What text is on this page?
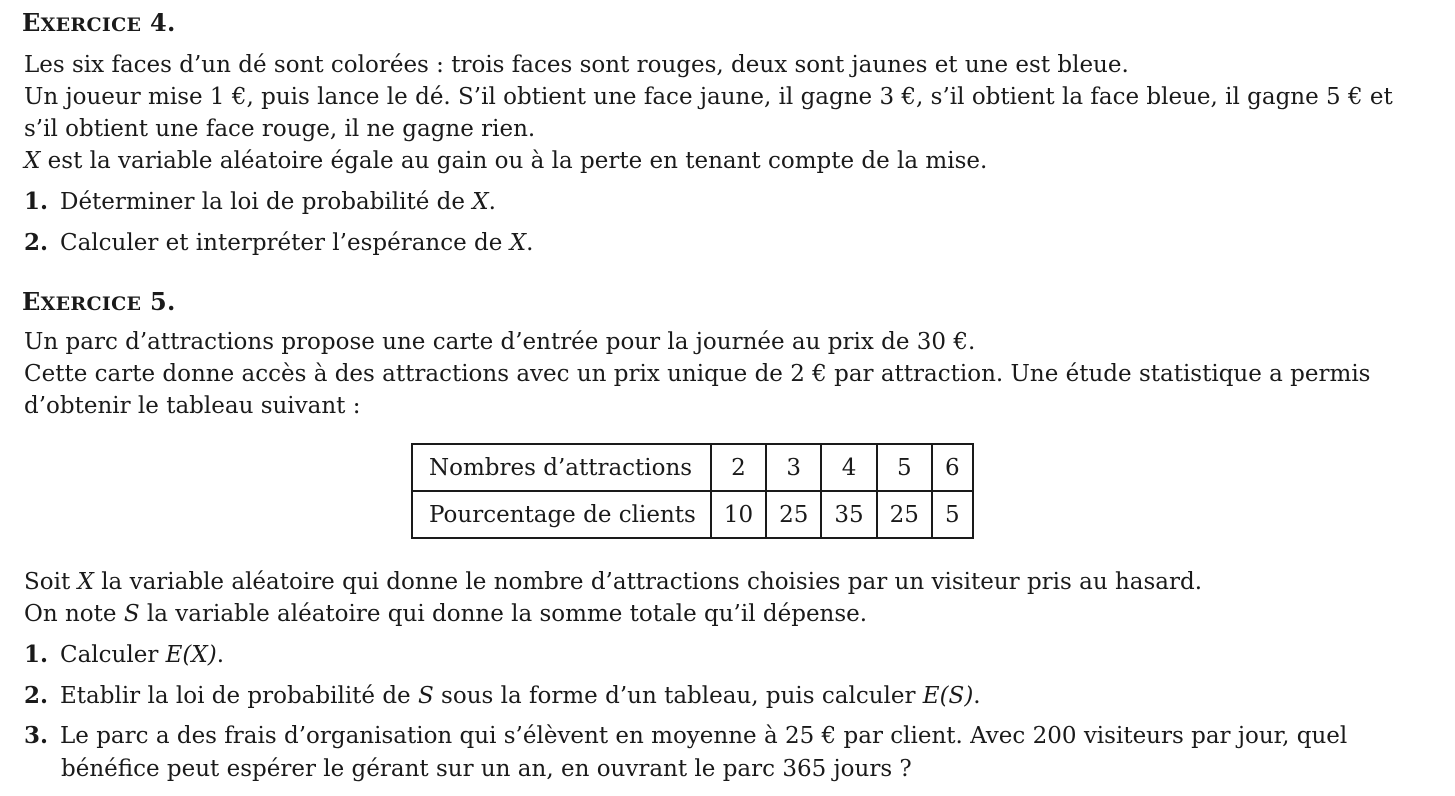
EXERCICE 4.
Les six faces d’un dé sont colorées : trois faces sont rouges, deux sont jaunes et une est bleue.
Un joueur mise 1 €, puis lance le dé. S’il obtient une face jaune, il gagne 3 €, s’il obtient la face bleue, il gagne 5 € et
s’il obtient une face rouge, il ne gagne rien.
X est la variable aléatoire égale au gain ou à la perte en tenant compte de la mise.
1. Déterminer la loi de probabilité de X.
2. Calculer et interpréter l’espérance de X.
EXERCICE 5.
Un parc d’attractions propose une carte d’entrée pour la journée au prix de 30 €.
Cette carte donne accès à des attractions avec un prix unique de 2 € par attraction. Une étude statistique a permis
d’obtenir le tableau suivant :
Nombres d’attractions	2	3	4	5	6
Pourcentage de clients	10	25	35	25	5
Soit X la variable aléatoire qui donne le nombre d’attractions choisies par un visiteur pris au hasard.
On note S la variable aléatoire qui donne la somme totale qu’il dépense.
1. Calculer E(X).
2. Etablir la loi de probabilité de S sous la forme d’un tableau, puis calculer E(S).
3. Le parc a des frais d’organisation qui s’élèvent en moyenne à 25 € par client. Avec 200 visiteurs par jour, quel
bénéfice peut espérer le gérant sur un an, en ouvrant le parc 365 jours ?
